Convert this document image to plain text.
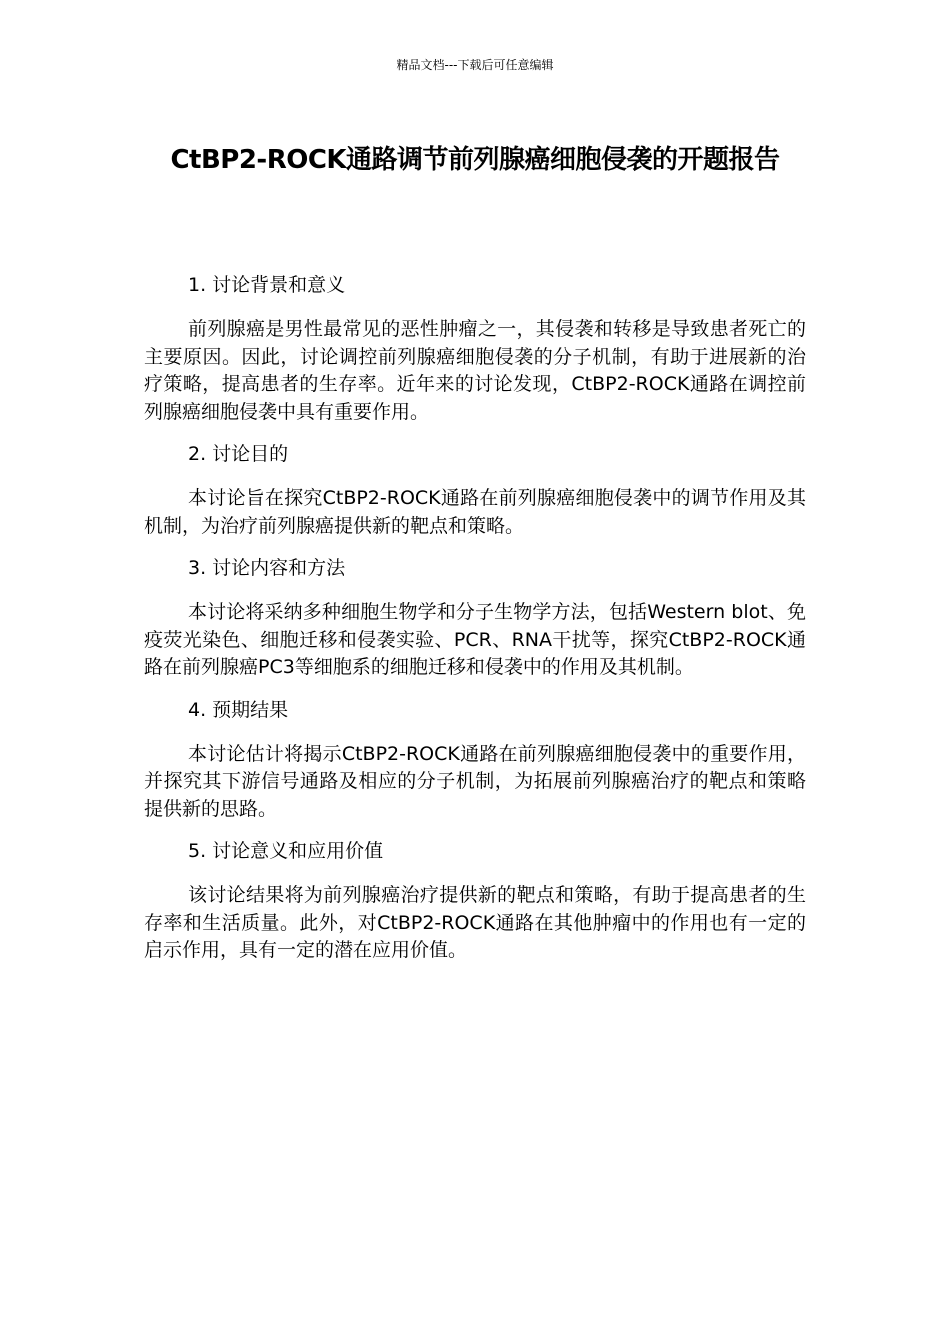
精品文档---下载后可任意编辑
CtBP2-ROCK通路调节前列腺癌细胞侵袭的开题报告

1. 讨论背景和意义

前列腺癌是男性最常见的恶性肿瘤之一，其侵袭和转移是导致患者死亡的主要原因。因此，讨论调控前列腺癌细胞侵袭的分子机制，有助于进展新的治疗策略，提高患者的生存率。近年来的讨论发现，CtBP2-ROCK通路在调控前列腺癌细胞侵袭中具有重要作用。

2. 讨论目的

本讨论旨在探究CtBP2-ROCK通路在前列腺癌细胞侵袭中的调节作用及其机制，为治疗前列腺癌提供新的靶点和策略。

3. 讨论内容和方法

本讨论将采纳多种细胞生物学和分子生物学方法，包括Western blot、免疫荧光染色、细胞迁移和侵袭实验、PCR、RNA干扰等，探究CtBP2-ROCK通路在前列腺癌PC3等细胞系的细胞迁移和侵袭中的作用及其机制。

4. 预期结果

本讨论估计将揭示CtBP2-ROCK通路在前列腺癌细胞侵袭中的重要作用，并探究其下游信号通路及相应的分子机制，为拓展前列腺癌治疗的靶点和策略提供新的思路。

5. 讨论意义和应用价值

该讨论结果将为前列腺癌治疗提供新的靶点和策略，有助于提高患者的生存率和生活质量。此外，对CtBP2-ROCK通路在其他肿瘤中的作用也有一定的启示作用，具有一定的潜在应用价值。
